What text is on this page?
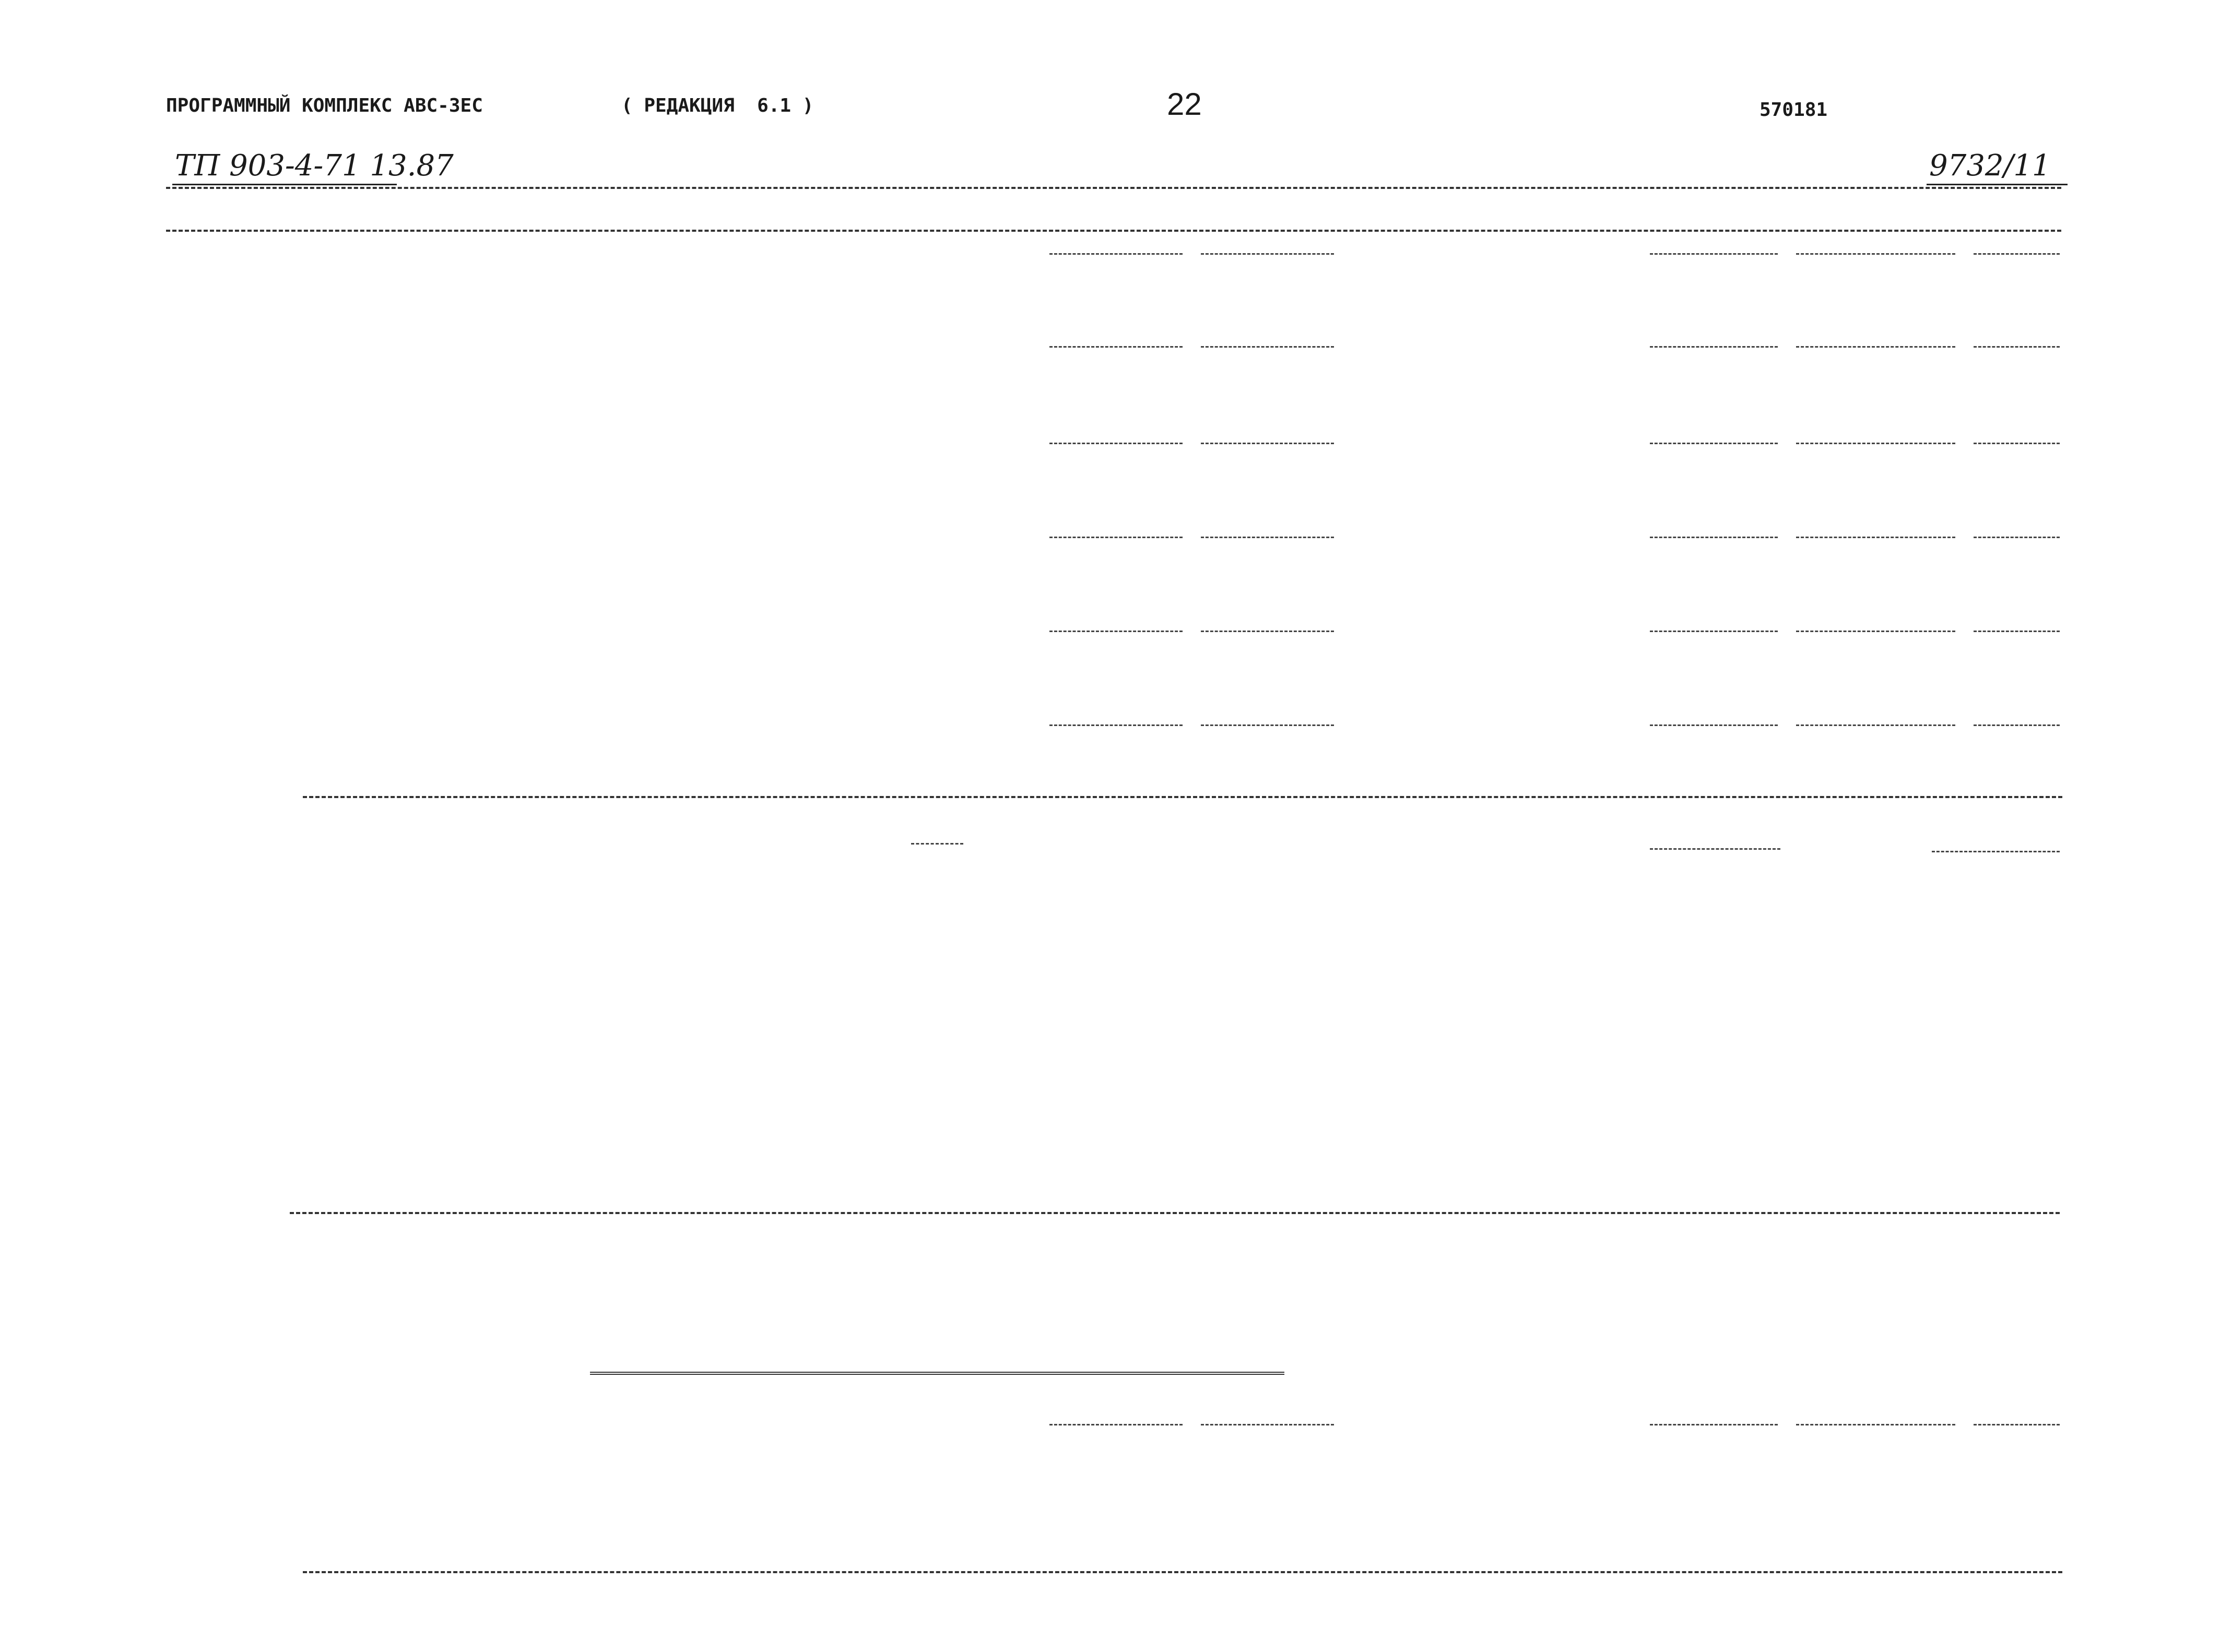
ПРОГРАММНЫЙ КОМПЛЕКС АВС-3ЕС	( РЕДАКЦИЯ  6.1 )	22	570181
ТП 903-4-71 13.87	9732/11
